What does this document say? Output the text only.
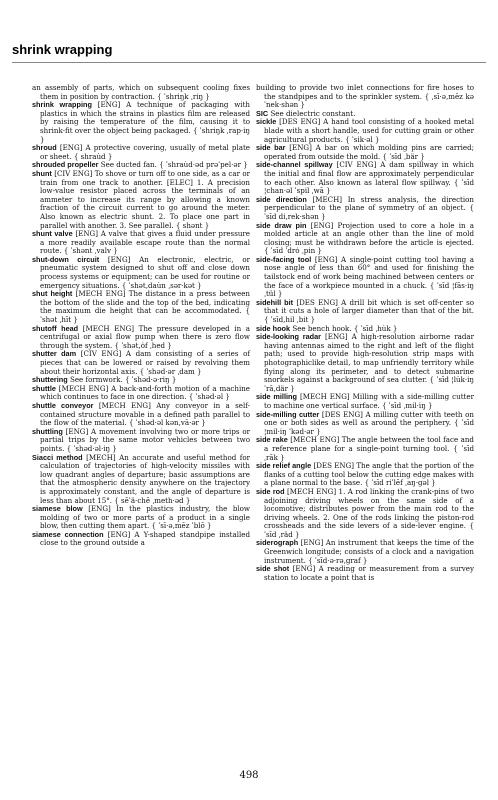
shrink wrapping

an assembly of parts, which on subsequent cooling fixes them in position by contraction. { ˈshriŋk ˌriŋ }

shrink wrapping [ENG] A technique of packaging with plastics in which the strains in plastics film are released by raising the temperature of the film, causing it to shrink-fit over the object being packaged. { ˈshriŋk ˌrap·iŋ }

shroud [ENG] A protective covering, usually of metal plate or sheet. { shrau̇d }

shrouded propeller See ducted fan. { ˈshrau̇d·əd prəˈpel·ər }

shunt [CIV ENG] To shove or turn off to one side, as a car or train from one track to another. [ELEC] 1. A precision low-value resistor placed across the terminals of an ammeter to increase its range by allowing a known fraction of the circuit current to go around the meter. Also known as electric shunt. 2. To place one part in parallel with another. 3. See parallel. { shənt }

shunt valve [ENG] A valve that gives a fluid under pressure a more readily available escape route than the normal route. { ˈshənt ˌvalv }

shut-down circuit [ENG] An electronic, electric, or pneumatic system designed to shut off and close down process systems or equipment; can be used for routine or emergency situations. { ˈshət‚dau̇n ˌsər·kət }

shut height [MECH ENG] The distance in a press between the bottom of the slide and the top of the bed, indicating the maximum die height that can be accommodated. { ˈshət ˌhīt }

shutoff head [MECH ENG] The pressure developed in a centrifugal or axial flow pump when there is zero flow through the system. { ˈshət‚ȯf ˌhed }

shutter dam [CIV ENG] A dam consisting of a series of pieces that can be lowered or raised by revolving them about their horizontal axis. { ˈshəd·ər ˌdam }

shuttering See formwork. { ˈshəd·ə·riŋ }

shuttle [MECH ENG] A back-and-forth motion of a machine which continues to face in one direction. { ˈshəd·əl }

shuttle conveyor [MECH ENG] Any conveyor in a self-contained structure movable in a defined path parallel to the flow of the material. { ˈshəd·əl kən‚vā·ər }

shuttling [ENG] A movement involving two or more trips or partial trips by the same motor vehicles between two points. { ˈshəd·əl·iŋ }

Siacci method [MECH] An accurate and useful method for calculation of trajectories of high-velocity missiles with low quadrant angles of departure; basic assumptions are that the atmospheric density anywhere on the trajectory is approximately constant, and the angle of departure is less than about 15°. { sēˈä·chē ˌmeth·əd }

siamese blow [ENG] In the plastics industry, the blow molding of two or more parts of a product in a single blow, then cutting them apart. { ˈsī·ə‚mēz ˈblō }

siamese connection [ENG] A Y-shaped standpipe installed close to the ground outside a

building to provide two inlet connections for fire hoses to the standpipes and to the sprinkler system. { ˌsī·ə‚mēz kəˈnek·shən }

SIC See dielectric constant.

sickle [DES ENG] A hand tool consisting of a hooked metal blade with a short handle, used for cutting grain or other agricultural products. { ˈsik·əl }

side bar [ENG] A bar on which molding pins are carried; operated from outside the mold. { ˈsīd ˌbär }

side-channel spillway [CIV ENG] A dam spillway in which the initial and final flow are approximately perpendicular to each other. Also known as lateral flow spillway. { ˈsīd ¦chan·əl ˈspil ˌwā }

side direction [MECH] In stress analysis, the direction perpendicular to the plane of symmetry of an object. { ˈsīd di‚rek·shən }

side draw pin [ENG] Projection used to core a hole in a molded article at an angle other than the line of mold closing; must be withdrawn before the article is ejected. { ˈsīd ˈdrȯ ˌpin }

side-facing tool [ENG] A single-point cutting tool having a nose angle of less than 60° and used for finishing the tailstock end of work being machined between centers or the face of a workpiece mounted in a chuck. { ˈsīd ¦fās·iŋ ˌtül }

sidehill bit [DES ENG] A drill bit which is set off-center so that it cuts a hole of larger diameter than that of the bit. { ˈsīd‚hil ˌbit }

side hook See bench hook. { ˈsīd ˌhu̇k }

side-looking radar [ENG] A high-resolution airborne radar having antennas aimed to the right and left of the flight path; used to provide high-resolution strip maps with photographiclike detail, to map unfriendly territory while flying along its perimeter, and to detect submarine snorkels against a background of sea clutter. { ˈsīd ¦lu̇k·iŋ ˈrā‚där }

side milling [MECH ENG] Milling with a side-milling cutter to machine one vertical surface. { ˈsīd ˌmil·iŋ }

side-milling cutter [DES ENG] A milling cutter with teeth on one or both sides as well as around the periphery. { ˈsīd ¦mil·iŋ ˈkəd·ər }

side rake [MECH ENG] The angle between the tool face and a reference plane for a single-point turning tool. { ˈsīd ˌrāk }

side relief angle [DES ENG] The angle that the portion of the flanks of a cutting tool below the cutting edge makes with a plane normal to the base. { ˈsīd riˈlēf ˌaŋ·gəl }

side rod [MECH ENG] 1. A rod linking the crank-pins of two adjoining driving wheels on the same side of a locomotive; distributes power from the main rod to the driving wheels. 2. One of the rods linking the piston-rod crossheads and the side levers of a side-lever engine. { ˈsīd ˌräd }

siderograph [ENG] An instrument that keeps the time of the Greenwich longitude; consists of a clock and a navigation instrument. { ˈsīd·ə·rə‚graf }

side shot [ENG] A reading or measurement from a survey station to locate a point that is

498
